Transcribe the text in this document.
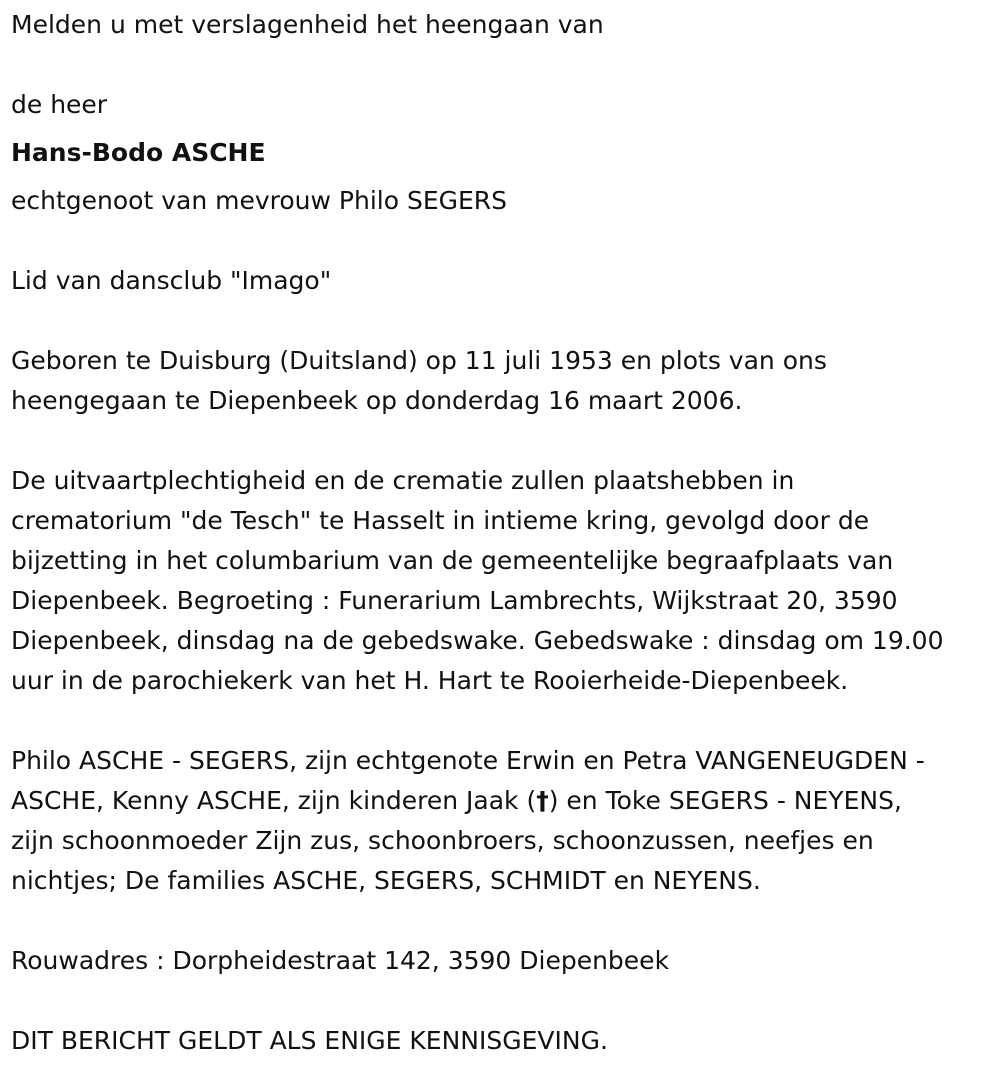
Melden u met verslagenheid het heengaan van
de heer
Hans-Bodo ASCHE
echtgenoot van mevrouw Philo SEGERS
Lid van dansclub "Imago"
Geboren te Duisburg (Duitsland) op 11 juli 1953 en plots van ons
heengegaan te Diepenbeek op donderdag 16 maart 2006.
De uitvaartplechtigheid en de crematie zullen plaatshebben in
crematorium "de Tesch" te Hasselt in intieme kring, gevolgd door de
bijzetting in het columbarium van de gemeentelijke begraafplaats van
Diepenbeek. Begroeting : Funerarium Lambrechts, Wijkstraat 20, 3590
Diepenbeek, dinsdag na de gebedswake. Gebedswake : dinsdag om 19.00
uur in de parochiekerk van het H. Hart te Rooierheide-Diepenbeek.
Philo ASCHE - SEGERS, zijn echtgenote Erwin en Petra VANGENEUGDEN -
ASCHE, Kenny ASCHE, zijn kinderen Jaak (†) en Toke SEGERS - NEYENS,
zijn schoonmoeder Zijn zus, schoonbroers, schoonzussen, neefjes en
nichtjes; De families ASCHE, SEGERS, SCHMIDT en NEYENS.
Rouwadres : Dorpheidestraat 142, 3590 Diepenbeek
DIT BERICHT GELDT ALS ENIGE KENNISGEVING.
